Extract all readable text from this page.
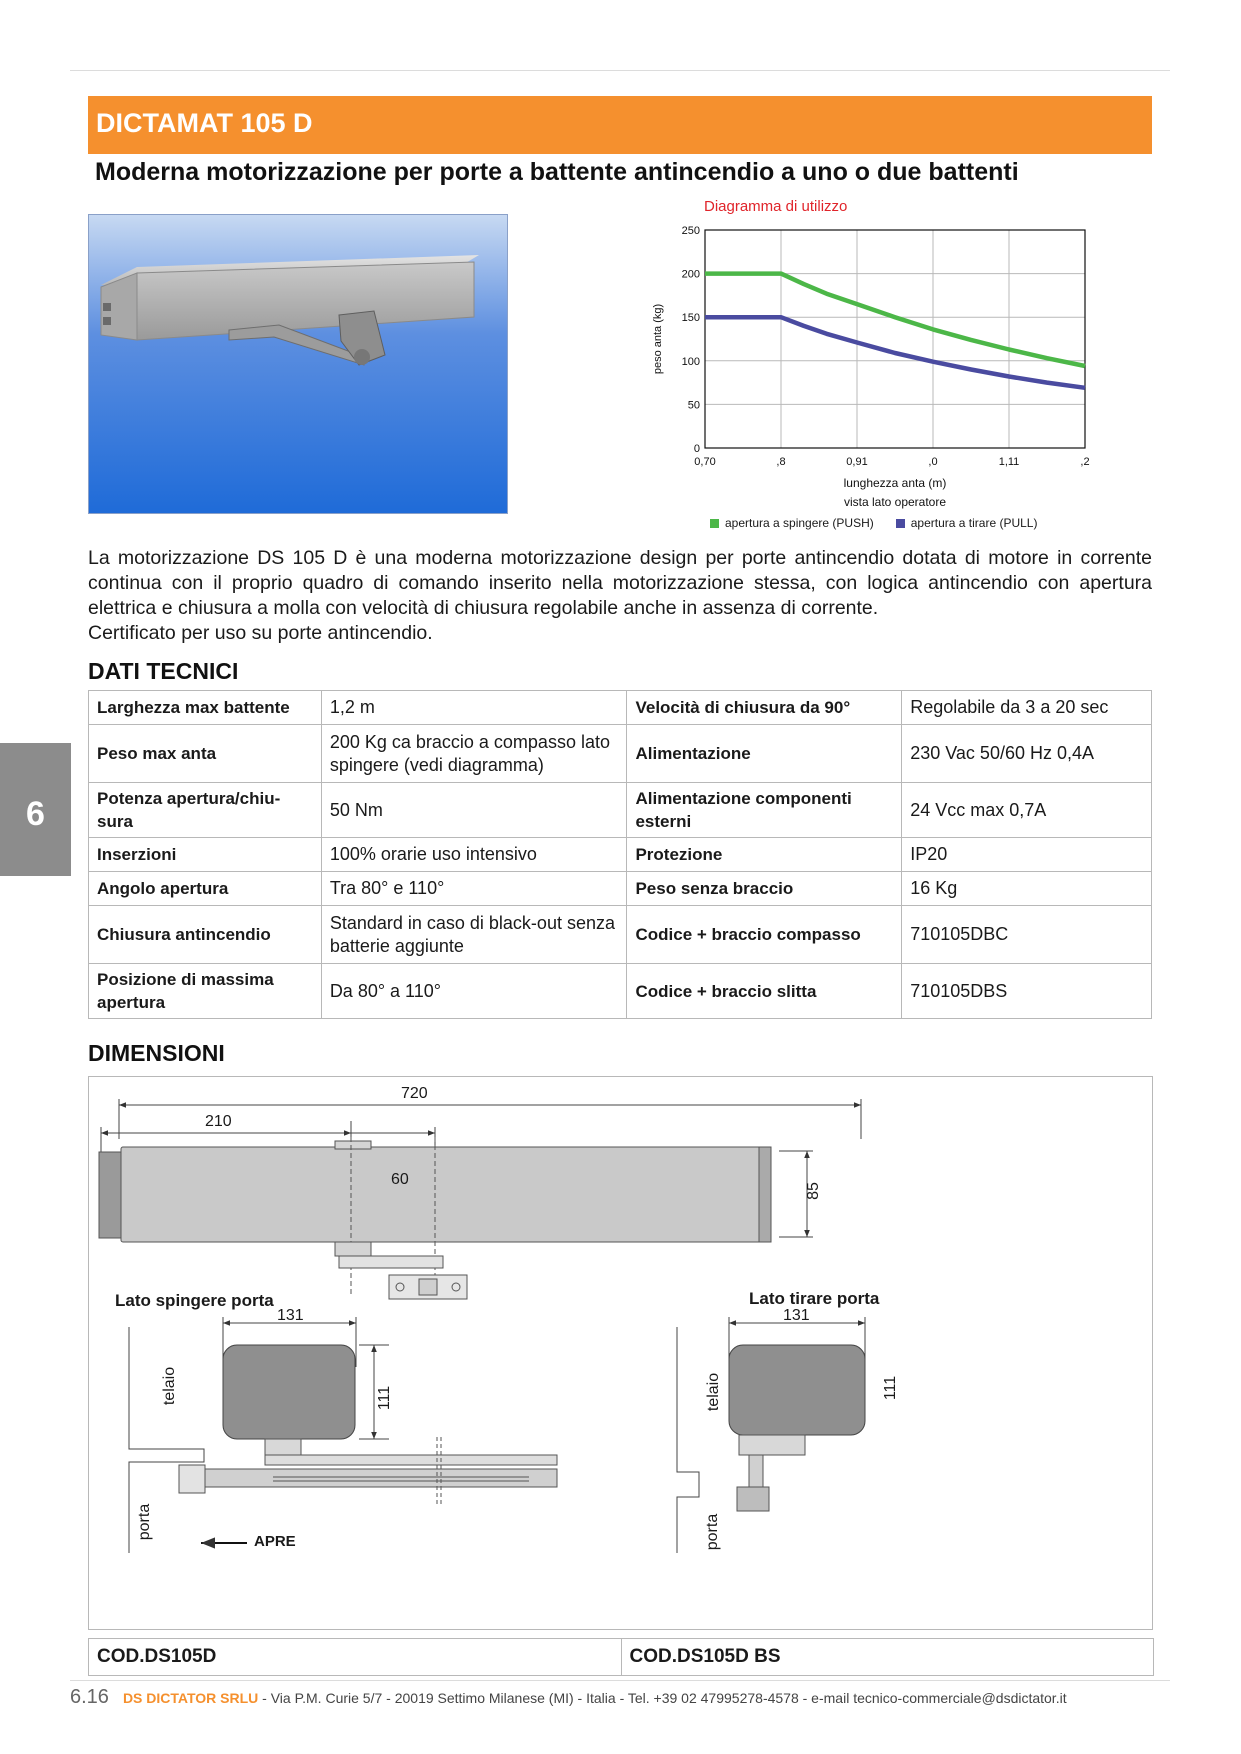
DICTAMAT 105 D
Moderna motorizzazione per porte a battente antincendio a uno o due battenti
Diagramma di utilizzo
0
50
100
150
200
250
0,70	,8	0,91	,0	1,11	,2
peso anta (kg)
lunghezza anta (m)
vista lato operatore
apertura a spingere (PUSH)	apertura a tirare (PULL)

La motorizzazione DS 105 D è una moderna motorizzazione design per porte antincendio dotata di motore in corrente continua con il proprio quadro di comando inserito nella motorizzazione stessa, con logica antincendio con apertura elettrica e chiusura a molla con velocità di chiusura regolabile anche in assenza di corrente.

Certificato per uso su porte antincendio.

6
DATI TECNICI
Larghezza max battente	1,2 m	Velocità di chiusura da 90°	Regolabile da 3 a 20 sec
Peso max anta	200 Kg ca braccio a compasso lato spingere (vedi diagramma)	Alimentazione	230 Vac 50/60 Hz 0,4A
Potenza apertura/chiu-sura	50 Nm	Alimentazione componenti esterni	24 Vcc max 0,7A
Inserzioni	100% orarie uso intensivo	Protezione	IP20
Angolo apertura	Tra 80° e 110°	Peso senza braccio	16 Kg
Chiusura antincendio	Standard in caso di black-out senza batterie aggiunte	Codice + braccio compasso	710105DBC
Posizione di massima apertura	Da 80° a 110°	Codice + braccio slitta	710105DBS
DIMENSIONI
720
210
60
85
Lato spingere porta
131
111
telaio
porta
APRE
Lato tirare porta
131
111
telaio
porta
COD.DS105D	COD.DS105D BS
6.16 DS DICTATOR SRLU - Via P.M. Curie 5/7 - 20019 Settimo Milanese (MI) - Italia - Tel. +39 02 47995278-4578 - e-mail tecnico-commerciale@dsdictator.it
